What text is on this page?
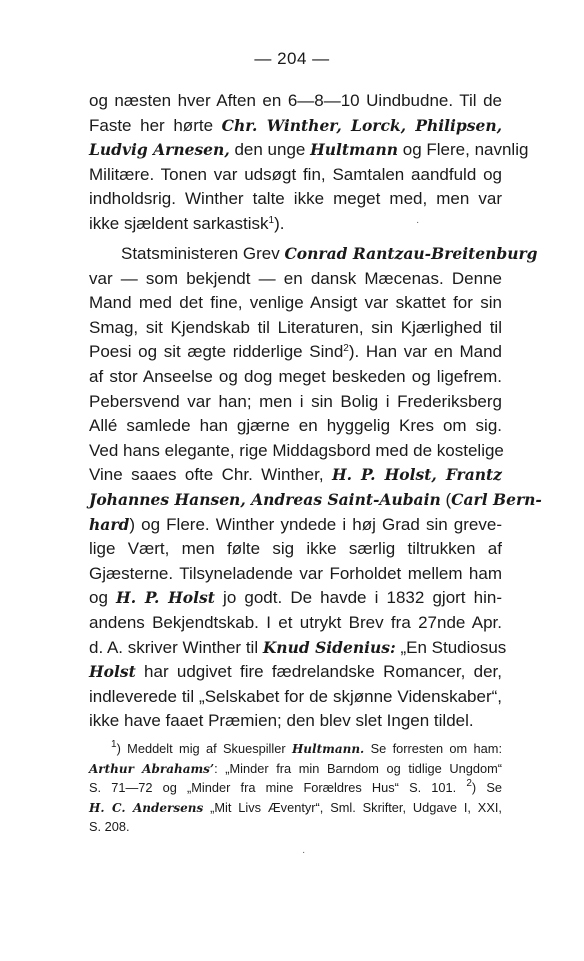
— 204 —
og næsten hver Aften en 6—8—10 Uindbudne. Til de
Faste her hørte Chr. Winther, Lorck, Philipsen,
Ludvig Arnesen, den unge Hultmann og Flere, navnlig
Militære. Tonen var udsøgt fin, Samtalen aandfuld og
indholdsrig. Winther talte ikke meget med, men var
ikke sjældent sarkastisk$^1$).
Statsministeren Grev Conrad Rantzau-Breitenburg
var — som bekjendt — en dansk Mæcenas. Denne
Mand med det fine, venlige Ansigt var skattet for sin
Smag, sit Kjendskab til Literaturen, sin Kjærlighed til
Poesi og sit ægte ridderlige Sind$^2$). Han var en Mand
af stor Anseelse og dog meget beskeden og ligefrem.
Pebersvend var han; men i sin Bolig i Frederiksberg
Allé samlede han gjærne en hyggelig Kres om sig.
Ved hans elegante, rige Middagsbord med de kostelige
Vine saaes ofte Chr. Winther, H. P. Holst, Frantz
Johannes Hansen, Andreas Saint-Aubain (Carl Bern-
hard) og Flere. Winther yndede i høj Grad sin greve-
lige Vært, men følte sig ikke særlig tiltrukken af
Gjæsterne. Tilsyneladende var Forholdet mellem ham
og H. P. Holst jo godt. De havde i 1832 gjort hin-
andens Bekjendtskab. I et utrykt Brev fra 27nde Apr.
d. A. skriver Winther til Knud Sidenius: „En Studiosus
Holst har udgivet fire fædrelandske Romancer, der,
indleverede til „Selskabet for de skjønne Videnskaber“,
ikke have faaet Præmien; den blev slet Ingen tildel.
$^1$) Meddelt mig af Skuespiller Hultmann. Se forresten om ham:
Arthur Abrahams’: „Minder fra min Barndom og tidlige Ungdom“
S. 71—72 og „Minder fra mine Forældres Hus“ S. 101. $^2$) Se
H. C. Andersens „Mit Livs Æventyr“, Sml. Skrifter, Udgave I, XXI,
S. 208.
·
·
